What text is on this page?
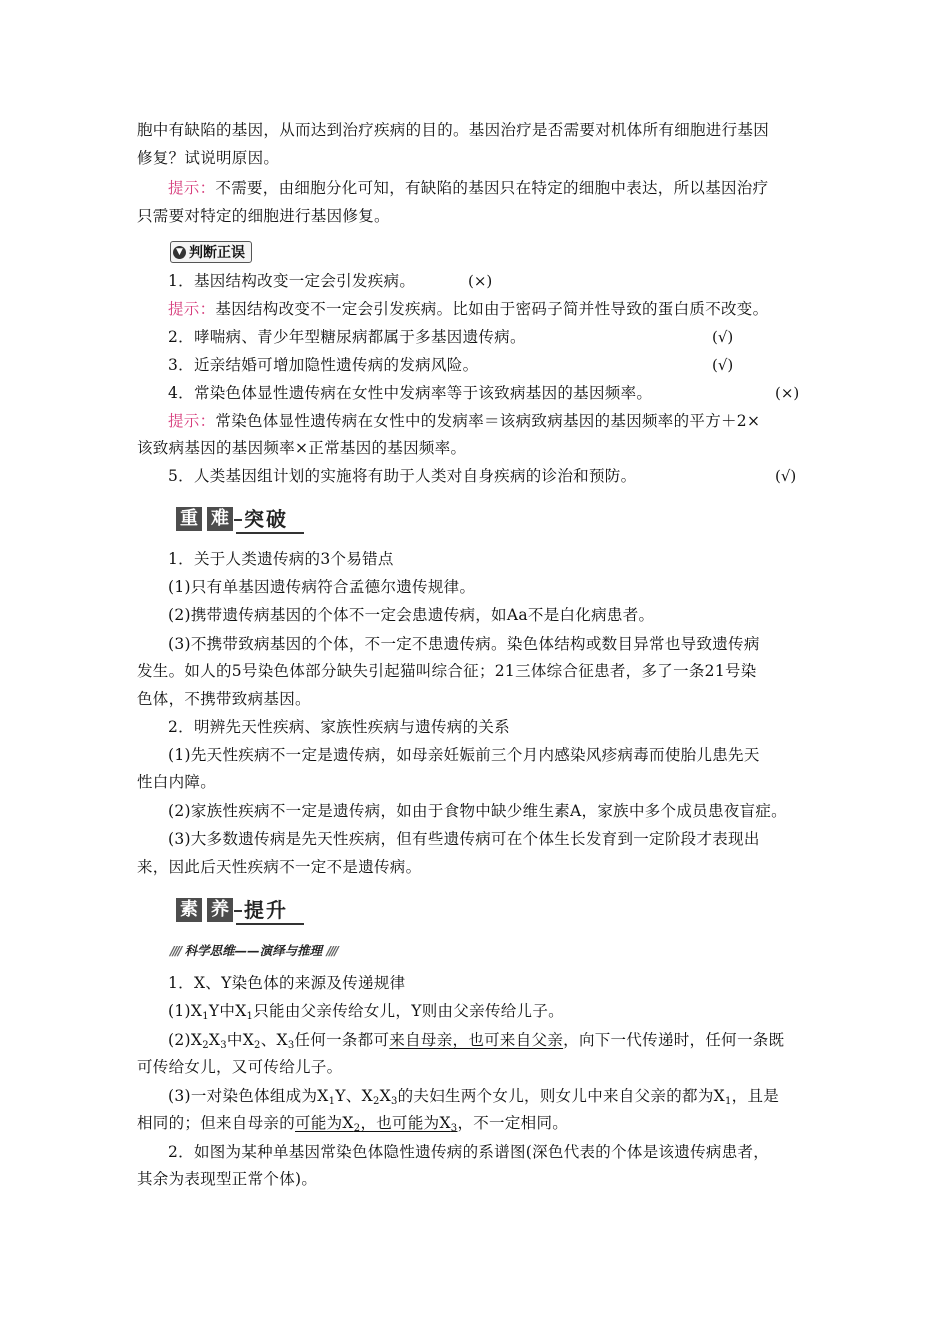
胞中有缺陷的基因，从而达到治疗疾病的目的。基因治疗是否需要对机体所有细胞进行基因
修复？试说明原因。
提示：不需要，由细胞分化可知，有缺陷的基因只在特定的细胞中表达，所以基因治疗
只需要对特定的细胞进行基因修复。
▼ 判断正误
1．基因结构改变一定会引发疾病。	(×)
提示：基因结构改变不一定会引发疾病。比如由于密码子简并性导致的蛋白质不改变。
2．哮喘病、青少年型糖尿病都属于多基因遗传病。	(√)
3．近亲结婚可增加隐性遗传病的发病风险。	(√)
4．常染色体显性遗传病在女性中发病率等于该致病基因的基因频率。	(×)
提示：常染色体显性遗传病在女性中的发病率＝该病致病基因的基因频率的平方＋2×
该致病基因的基因频率×正常基因的基因频率。
5．人类基因组计划的实施将有助于人类对自身疾病的诊治和预防。	(√)
重 难 突破
1．关于人类遗传病的3个易错点
(1)只有单基因遗传病符合孟德尔遗传规律。
(2)携带遗传病基因的个体不一定会患遗传病，如Aa不是白化病患者。
(3)不携带致病基因的个体，不一定不患遗传病。染色体结构或数目异常也导致遗传病
发生。如人的5号染色体部分缺失引起猫叫综合征；21三体综合征患者，多了一条21号染
色体，不携带致病基因。
2．明辨先天性疾病、家族性疾病与遗传病的关系
(1)先天性疾病不一定是遗传病，如母亲妊娠前三个月内感染风疹病毒而使胎儿患先天
性白内障。
(2)家族性疾病不一定是遗传病，如由于食物中缺少维生素A，家族中多个成员患夜盲症。
(3)大多数遗传病是先天性疾病，但有些遗传病可在个体生长发育到一定阶段才表现出
来，因此后天性疾病不一定不是遗传病。
素 养 提升
//// 科学思维——演绎与推理 ////
1．X、Y染色体的来源及传递规律
$(1)X_1Y$中$X_1$只能由父亲传给女儿，Y则由父亲传给儿子。
$(2)X_2X_3$中$X_2$、$X_3$任何一条都可来自母亲，也可来自父亲，向下一代传递时，任何一条既
可传给女儿，又可传给儿子。
(3)一对染色体组成为$X_1Y$、$X_2X_3$的夫妇生两个女儿，则女儿中来自父亲的都为$X_1$，且是
相同的；但来自母亲的可能为$X_2$，也可能为$X_3$，不一定相同。
2．如图为某种单基因常染色体隐性遗传病的系谱图(深色代表的个体是该遗传病患者，
其余为表现型正常个体)。
